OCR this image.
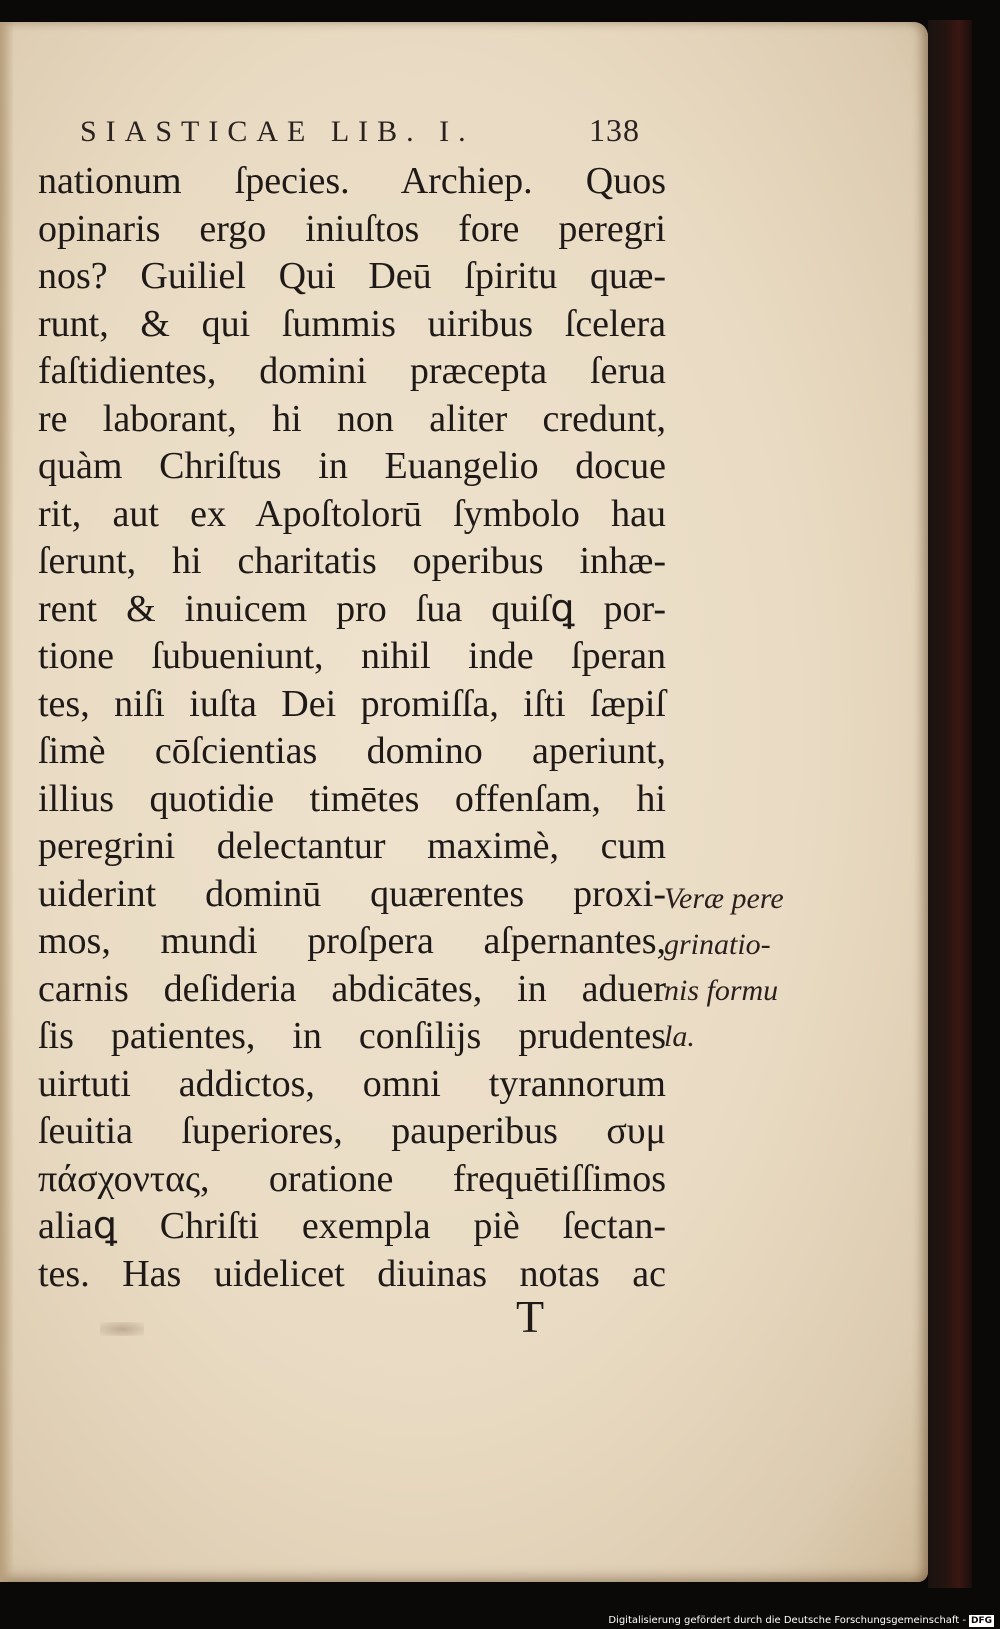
SIASTICAE LIB. I.	138
nationum ſpecies. Archiep. Quos
opinaris ergo iniuſtos fore peregri
nos? Guiliel Qui Deū ſpiritu quæ-
runt, & qui ſummis uiribus ſcelera
faſtidientes, domini præcepta ſerua
re laborant, hi non aliter credunt,
quàm Chriſtus in Euangelio docue
rit, aut ex Apoſtolorū ſymbolo hau
ſerunt, hi charitatis operibus inhæ-
rent & inuicem pro ſua quiſꝗ por-
tione ſubueniunt, nihil inde ſperan
tes, niſi iuſta Dei promiſſa, iſti ſæpiſ
ſimè cōſcientias domino aperiunt,
illius quotidie timētes offenſam, hi
peregrini delectantur maximè, cum
uiderint dominū quærentes proxi-
mos, mundi proſpera aſpernantes,
carnis deſideria abdicātes, in aduer
ſis patientes, in conſilijs prudentes
uirtuti addictos, omni tyrannorum
ſeuitia ſuperiores, pauperibus συμ
πάσχοντας, oratione frequētiſſimos
aliaꝗ Chriſti exempla piè ſectan-
tes. Has uidelicet diuinas notas ac
Veræ pere
grinatio-
nis formu
la.
T
Digitalisierung gefördert durch die Deutsche Forschungsgemeinschaft - DFG
